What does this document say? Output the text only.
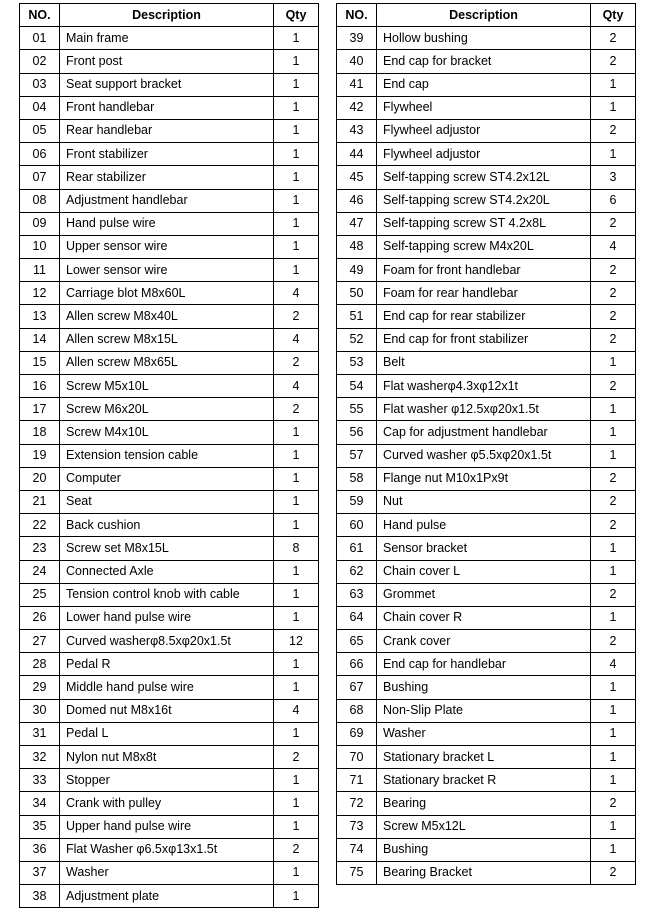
NO.	Description	Qty
01	Main frame	1
02	Front post	1
03	Seat support bracket	1
04	Front handlebar	1
05	Rear handlebar	1
06	Front stabilizer	1
07	Rear stabilizer	1
08	Adjustment handlebar	1
09	Hand pulse wire	1
10	Upper sensor wire	1
11	Lower sensor wire	1
12	Carriage blot M8x60L	4
13	Allen screw M8x40L	2
14	Allen screw M8x15L	4
15	Allen screw M8x65L	2
16	Screw M5x10L	4
17	Screw M6x20L	2
18	Screw M4x10L	1
19	Extension tension cable	1
20	Computer	1
21	Seat	1
22	Back cushion	1
23	Screw set M8x15L	8
24	Connected Axle	1
25	Tension control knob with cable	1
26	Lower hand pulse wire	1
27	Curved washerφ8.5xφ20x1.5t	12
28	Pedal R	1
29	Middle hand pulse wire	1
30	Domed nut M8x16t	4
31	Pedal L	1
32	Nylon nut M8x8t	2
33	Stopper	1
34	Crank with pulley	1
35	Upper hand pulse wire	1
36	Flat Washer φ6.5xφ13x1.5t	2
37	Washer	1
38	Adjustment plate	1
NO.	Description	Qty
39	Hollow bushing	2
40	End cap for bracket	2
41	End cap	1
42	Flywheel	1
43	Flywheel adjustor	2
44	Flywheel adjustor	1
45	Self-tapping screw ST4.2x12L	3
46	Self-tapping screw ST4.2x20L	6
47	Self-tapping screw ST 4.2x8L	2
48	Self-tapping screw M4x20L	4
49	Foam for front handlebar	2
50	Foam for rear handlebar	2
51	End cap for rear stabilizer	2
52	End cap for front stabilizer	2
53	Belt	1
54	Flat washerφ4.3xφ12x1t	2
55	Flat washer φ12.5xφ20x1.5t	1
56	Cap for adjustment handlebar	1
57	Curved washer φ5.5xφ20x1.5t	1
58	Flange nut M10x1Px9t	2
59	Nut	2
60	Hand pulse	2
61	Sensor bracket	1
62	Chain cover L	1
63	Grommet	2
64	Chain cover R	1
65	Crank cover	2
66	End cap for handlebar	4
67	Bushing	1
68	Non-Slip Plate	1
69	Washer	1
70	Stationary bracket L	1
71	Stationary bracket R	1
72	Bearing	2
73	Screw M5x12L	1
74	Bushing	1
75	Bearing Bracket	2
